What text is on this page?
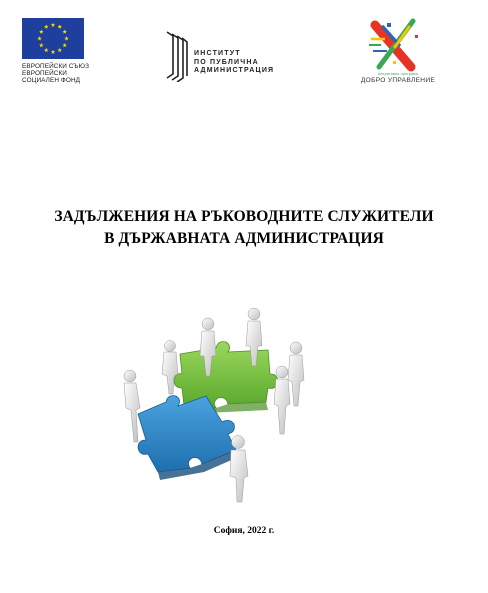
ЕВРОПЕЙСКИ СЪЮЗ
ЕВРОПЕЙСКИ
СОЦИАЛЕН ФОНД
ИНСТИТУТ
ПО ПУБЛИЧНА
АДМИНИСТРАЦИЯ	оперативна програма
ДОБРО УПРАВЛЕНИЕ
ЗАДЪЛЖЕНИЯ НА РЪКОВОДНИТЕ СЛУЖИТЕЛИ
В ДЪРЖАВНАТА АДМИНИСТРАЦИЯ
София, 2022 г.
